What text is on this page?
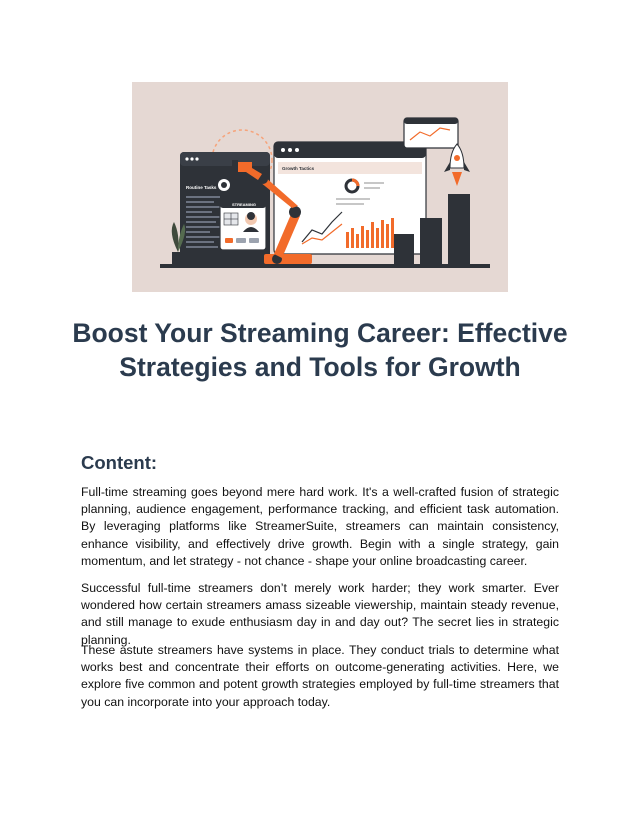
Routine Tasks
STREAMING
Growth Tactics
Boost Your Streaming Career: Effective Strategies and Tools for Growth
Content:

Full-time streaming goes beyond mere hard work. It's a well-crafted fusion of strategic planning, audience engagement, performance tracking, and efficient task automation. By leveraging platforms like StreamerSuite, streamers can maintain consistency, enhance visibility, and effectively drive growth. Begin with a single strategy, gain momentum, and let strategy - not chance - shape your online broadcasting career.

Successful full-time streamers don’t merely work harder; they work smarter. Ever wondered how certain streamers amass sizeable viewership, maintain steady revenue, and still manage to exude enthusiasm day in and day out? The secret lies in strategic planning.

These astute streamers have systems in place. They conduct trials to determine what works best and concentrate their efforts on outcome-generating activities. Here, we explore five common and potent growth strategies employed by full-time streamers that you can incorporate into your approach today.
